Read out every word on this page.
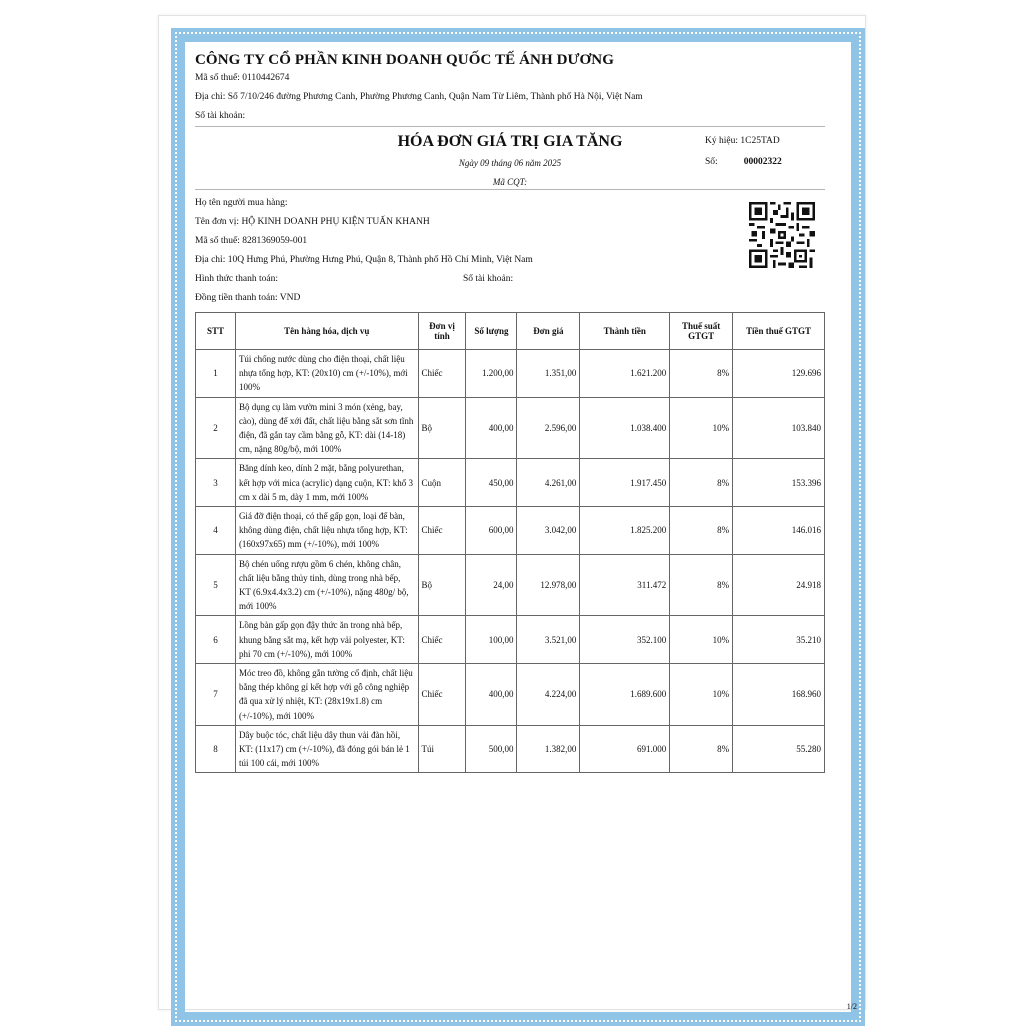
CÔNG TY CỔ PHẦN KINH DOANH QUỐC TẾ ÁNH DƯƠNG
Mã số thuế: 0110442674
Địa chỉ: Số 7/10/246 đường Phương Canh, Phường Phương Canh, Quận Nam Từ Liêm, Thành phố Hà Nội, Việt Nam
Số tài khoản:
HÓA ĐƠN GIÁ TRỊ GIA TĂNG
Ngày 09 tháng 06 năm 2025
Mã CQT:
Ký hiệu: 1C25TAD
Số:	00002322
Họ tên người mua hàng:
Tên đơn vị: HỘ KINH DOANH PHỤ KIỆN TUẤN KHANH
Mã số thuế: 8281369059-001
Địa chỉ: 10Q Hưng Phú, Phường Hưng Phú, Quận 8, Thành phố Hồ Chí Minh, Việt Nam
Hình thức thanh toán:	Số tài khoản:
Đồng tiền thanh toán: VND
STT	Tên hàng hóa, dịch vụ	Đơn vị tính	Số lượng	Đơn giá	Thành tiền	Thuế suất GTGT	Tiền thuế GTGT
1	Túi chống nước dùng cho điện thoại, chất liệu nhựa tổng hợp, KT: (20x10) cm (+/-10%), mới 100%	Chiếc	1.200,00	1.351,00	1.621.200	8%	129.696
2	Bộ dụng cụ làm vườn mini 3 món (xẻng, bay, cào), dùng để xới đất, chất liệu bằng sắt sơn tĩnh điện, đã gắn tay cầm bằng gỗ, KT: dài (14-18) cm, nặng 80g/bộ, mới 100%	Bộ	400,00	2.596,00	1.038.400	10%	103.840
3	Băng dính keo, dính 2 mặt, bằng polyurethan, kết hợp với mica (acrylic) dạng cuộn, KT: khổ 3 cm x dài 5 m, dày 1 mm, mới 100%	Cuộn	450,00	4.261,00	1.917.450	8%	153.396
4	Giá đỡ điện thoại, có thể gấp gọn, loại để bàn, không dùng điện, chất liệu nhựa tổng hợp, KT: (160x97x65) mm (+/-10%), mới 100%	Chiếc	600,00	3.042,00	1.825.200	8%	146.016
5	Bộ chén uống rượu gồm 6 chén, không chân, chất liệu bằng thủy tinh, dùng trong nhà bếp, KT (6.9x4.4x3.2) cm (+/-10%), nặng 480g/ bộ, mới 100%	Bộ	24,00	12.978,00	311.472	8%	24.918
6	Lồng bàn gấp gọn đậy thức ăn trong nhà bếp, khung bằng sắt mạ, kết hợp vải polyester, KT: phi 70 cm (+/-10%), mới 100%	Chiếc	100,00	3.521,00	352.100	10%	35.210
7	Móc treo đồ, không gắn tường cố định, chất liệu bằng thép không gỉ kết hợp với gỗ công nghiệp đã qua xử lý nhiệt, KT: (28x19x1.8) cm (+/-10%), mới 100%	Chiếc	400,00	4.224,00	1.689.600	10%	168.960
8	Dây buộc tóc, chất liệu dây thun vải đàn hồi, KT: (11x17) cm (+/-10%), đã đóng gói bán lẻ 1 túi 100 cái, mới 100%	Túi	500,00	1.382,00	691.000	8%	55.280
1/2
